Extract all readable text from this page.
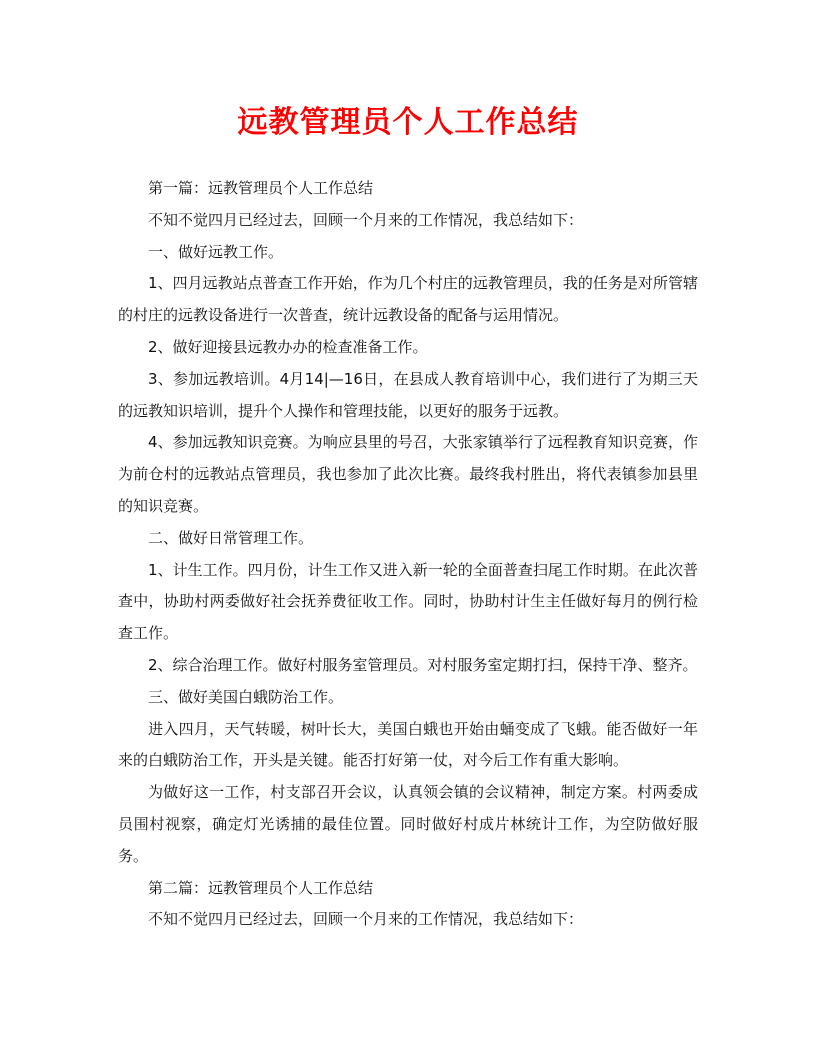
远教管理员个人工作总结

第一篇：远教管理员个人工作总结

不知不觉四月已经过去，回顾一个月来的工作情况，我总结如下：

一、做好远教工作。

1、四月远教站点普查工作开始，作为几个村庄的远教管理员，我的任务是对所管辖的村庄的远教设备进行一次普查，统计远教设备的配备与运用情况。

2、做好迎接县远教办办的检查准备工作。

3、参加远教培训。4月14|—16日，在县成人教育培训中心，我们进行了为期三天的远教知识培训，提升个人操作和管理技能，以更好的服务于远教。

4、参加远教知识竞赛。为响应县里的号召，大张家镇举行了远程教育知识竞赛，作为前仓村的远教站点管理员，我也参加了此次比赛。最终我村胜出，将代表镇参加县里的知识竞赛。

二、做好日常管理工作。

1、计生工作。四月份，计生工作又进入新一轮的全面普查扫尾工作时期。在此次普查中，协助村两委做好社会抚养费征收工作。同时，协助村计生主任做好每月的例行检查工作。

2、综合治理工作。做好村服务室管理员。对村服务室定期打扫，保持干净、整齐。

三、做好美国白蛾防治工作。

进入四月，天气转暖，树叶长大，美国白蛾也开始由蛹变成了飞蛾。能否做好一年来的白蛾防治工作，开头是关键。能否打好第一仗，对今后工作有重大影响。

为做好这一工作，村支部召开会议，认真领会镇的会议精神，制定方案。村两委成员围村视察，确定灯光诱捕的最佳位置。同时做好村成片林统计工作，为空防做好服务。

第二篇：远教管理员个人工作总结

不知不觉四月已经过去，回顾一个月来的工作情况，我总结如下：
